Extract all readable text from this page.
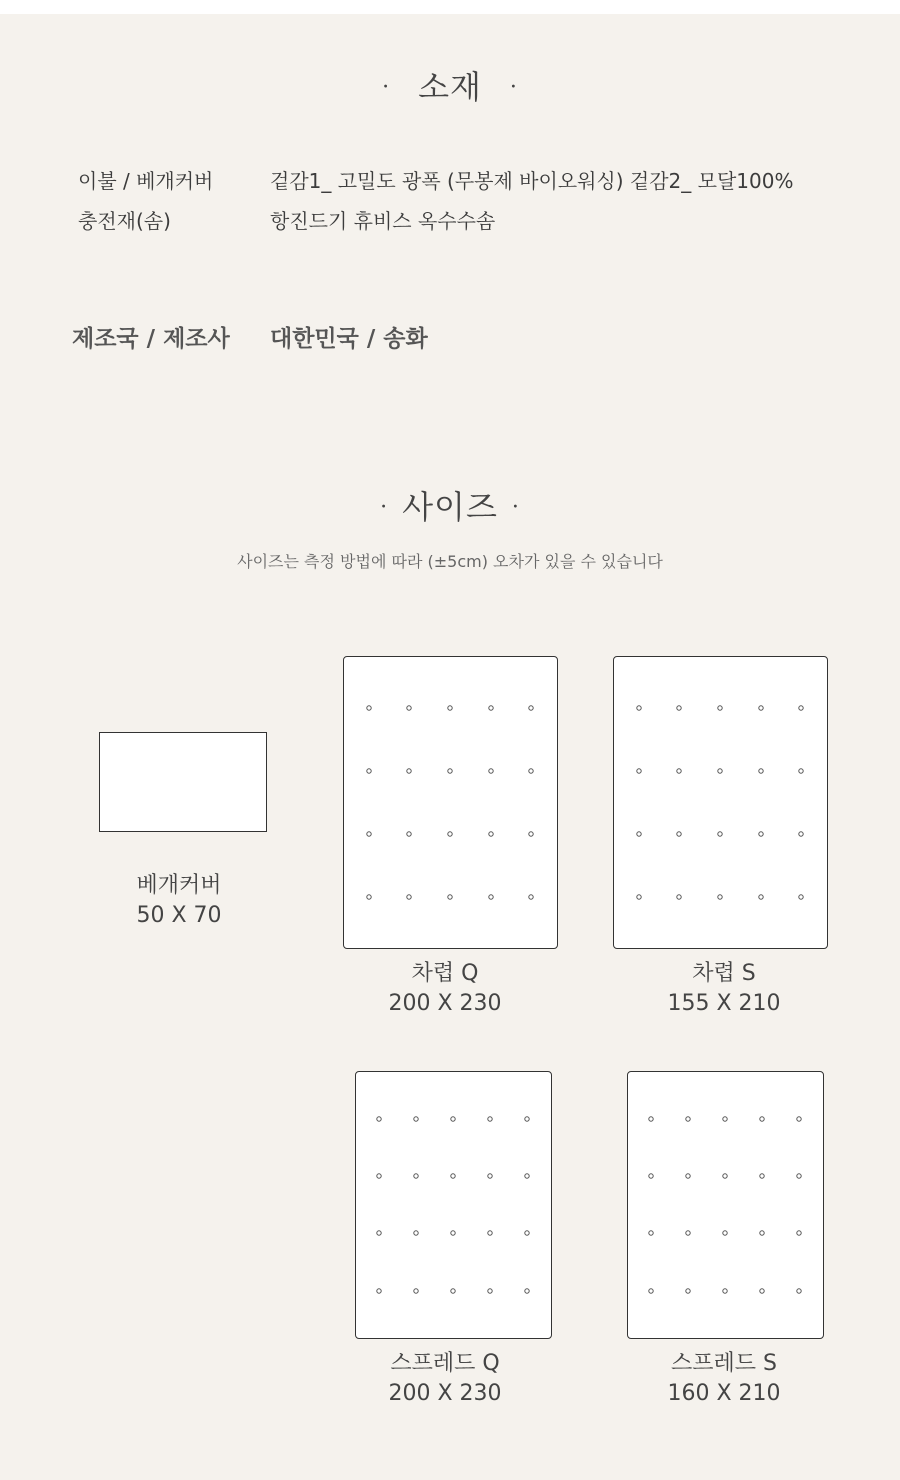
· 소재 ·
이불 / 베개커버	겉감1_ 고밀도 광폭 (무봉제 바이오워싱) 겉감2_ 모달100%
충전재(솜)	항진드기 휴비스 옥수수솜
제조국 / 제조사 대한민국 / 송화
· 사이즈 ·
사이즈는 측정 방법에 따라 (±5cm) 오차가 있을 수 있습니다
베개커버
50 X 70
차렵 Q
200 X 230
차렵 S
155 X 210
스프레드 Q
200 X 230
스프레드 S
160 X 210
